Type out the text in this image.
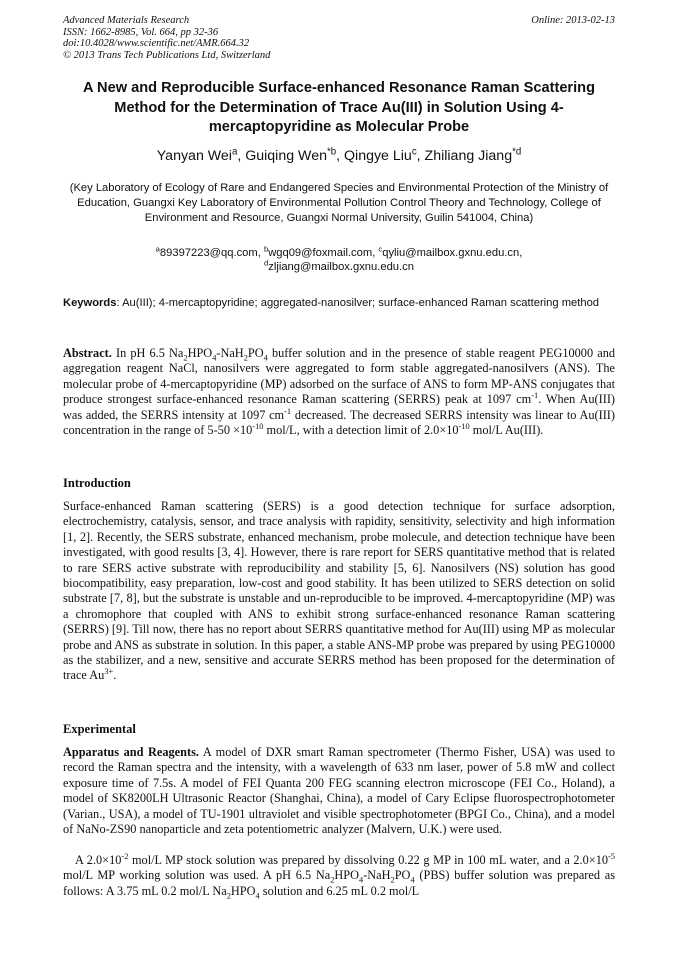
Advanced Materials Research
ISSN: 1662-8985, Vol. 664, pp 32-36
doi:10.4028/www.scientific.net/AMR.664.32
© 2013 Trans Tech Publications Ltd, Switzerland
Online: 2013-02-13
A New and Reproducible Surface-enhanced Resonance Raman Scattering Method for the Determination of Trace Au(III) in Solution Using 4-mercaptopyridine as Molecular Probe
Yanyan Wei$^a$, Guiqing Wen$^{*b}$, Qingye Liu$^c$, Zhiliang Jiang$^{*d}$
(Key Laboratory of Ecology of Rare and Endangered Species and Environmental Protection of the Ministry of Education, Guangxi Key Laboratory of Environmental Pollution Control Theory and Technology, College of Environment and Resource, Guangxi Normal University, Guilin 541004, China)
$^a$89397223@qq.com, $^b$wgq09@foxmail.com, $^c$qyliu@mailbox.gxnu.edu.cn,
$^d$zljiang@mailbox.gxnu.edu.cn
Keywords: Au(III); 4-mercaptopyridine; aggregated-nanosilver; surface-enhanced Raman scattering method
Abstract. In pH 6.5 $Na_2HPO_4-NaH_2PO_4$ buffer solution and in the presence of stable reagent PEG10000 and aggregation reagent NaCl, nanosilvers were aggregated to form stable aggregated-nanosilvers (ANS). The molecular probe of 4-mercaptopyridine (MP) adsorbed on the surface of ANS to form MP-ANS conjugates that produce strongest surface-enhanced resonance Raman scattering (SERRS) peak at 1097 $cm^{-1}$. When Au(III) was added, the SERRS intensity at 1097 $cm^{-1}$ decreased. The decreased SERRS intensity was linear to Au(III) concentration in the range of $5-50 \times 10^{-10}$ mol/L, with a detection limit of $2.0\times 10^{-10}$ mol/L Au(III).
Introduction
Surface-enhanced Raman scattering (SERS) is a good detection technique for surface adsorption, electrochemistry, catalysis, sensor, and trace analysis with rapidity, sensitivity, selectivity and high information [1, 2]. Recently, the SERS substrate, enhanced mechanism, probe molecule, and detection technique have been investigated, with good results [3, 4]. However, there is rare report for SERS quantitative method that is related to rare SERS active substrate with reproducibility and stability [5, 6]. Nanosilvers (NS) solution has good biocompatibility, easy preparation, low-cost and good stability. It has been utilized to SERS detection on solid substrate [7, 8], but the substrate is unstable and un-reproducible to be improved. 4-mercaptopyridine (MP) was a chromophore that coupled with ANS to exhibit strong surface-enhanced resonance Raman scattering (SERRS) [9]. Till now, there has no report about SERRS quantitative method for Au(III) using MP as molecular probe and ANS as substrate in solution. In this paper, a stable ANS-MP probe was prepared by using PEG10000 as the stabilizer, and a new, sensitive and accurate SERRS method has been proposed for the determination of trace $Au^{3+}$.
Experimental
Apparatus and Reagents. A model of DXR smart Raman spectrometer (Thermo Fisher, USA) was used to record the Raman spectra and the intensity, with a wavelength of 633 nm laser, power of 5.8 mW and collect exposure time of 7.5s. A model of FEI Quanta 200 FEG scanning electron microscope (FEI Co., Holand), a model of SK8200LH Ultrasonic Reactor (Shanghai, China), a model of Cary Eclipse fluorospectrophotometer (Varian., USA), a model of TU-1901 ultraviolet and visible spectrophotometer (BPGI Co., China), and a model of NaNo-ZS90 nanoparticle and zeta potentiometric analyzer (Malvern, U.K.) were used.
A $2.0\times 10^{-2}$ mol/L MP stock solution was prepared by dissolving 0.22 g MP in 100 mL water, and a $2.0\times 10^{-5}$ mol/L MP working solution was used. A pH 6.5 $Na_2HPO_4-NaH_2PO_4$ (PBS) buffer solution was prepared as follows: A 3.75 mL 0.2 mol/L $Na_2HPO_4$ solution and 6.25 mL 0.2 mol/L
